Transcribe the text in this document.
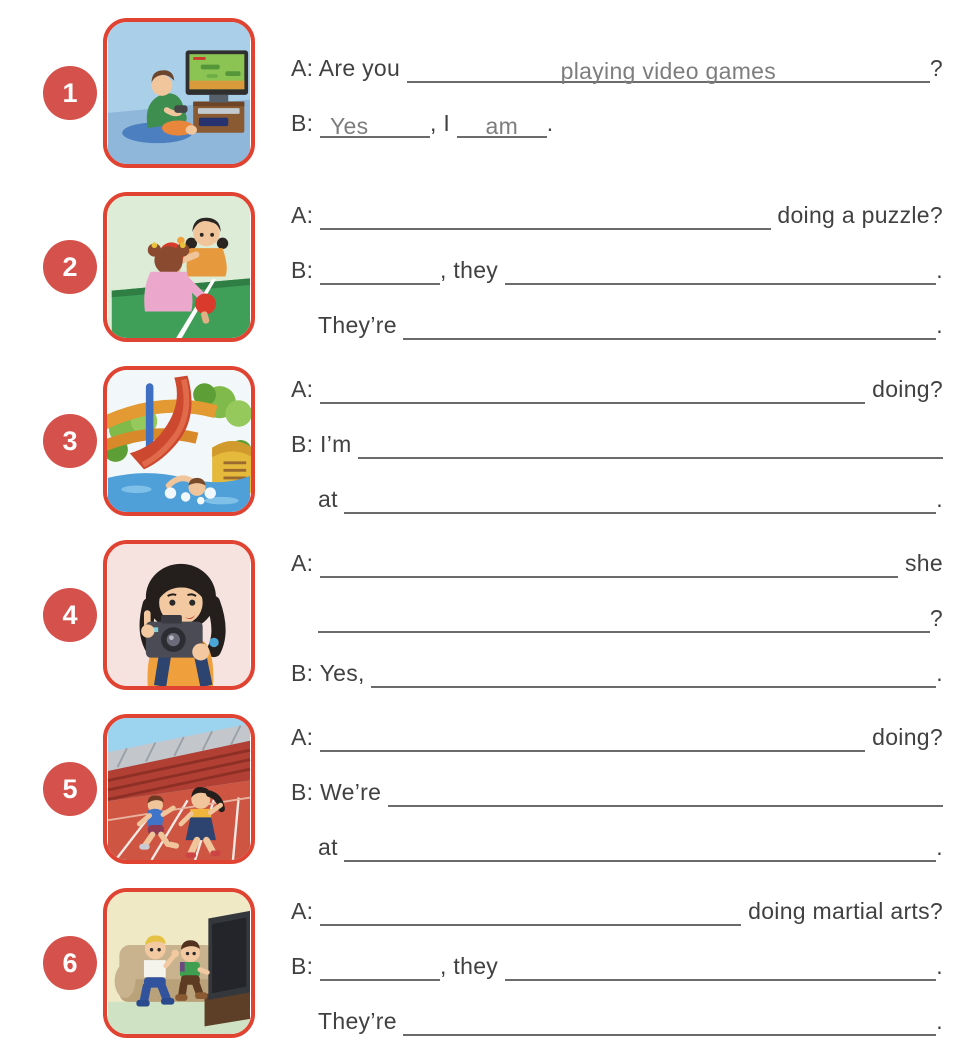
1
A: Are you	playing video games	?
B: Yes	, I am .
2
A:	doing a puzzle?
B:	, they	.
They’re	.
3
A:	doing?
B: I’m
at	.
4
A:	she
?
B: Yes,	.
5
A:	doing?
B: We’re
at	.
6
A:	doing martial arts?
B:	, they	.
They’re	.
